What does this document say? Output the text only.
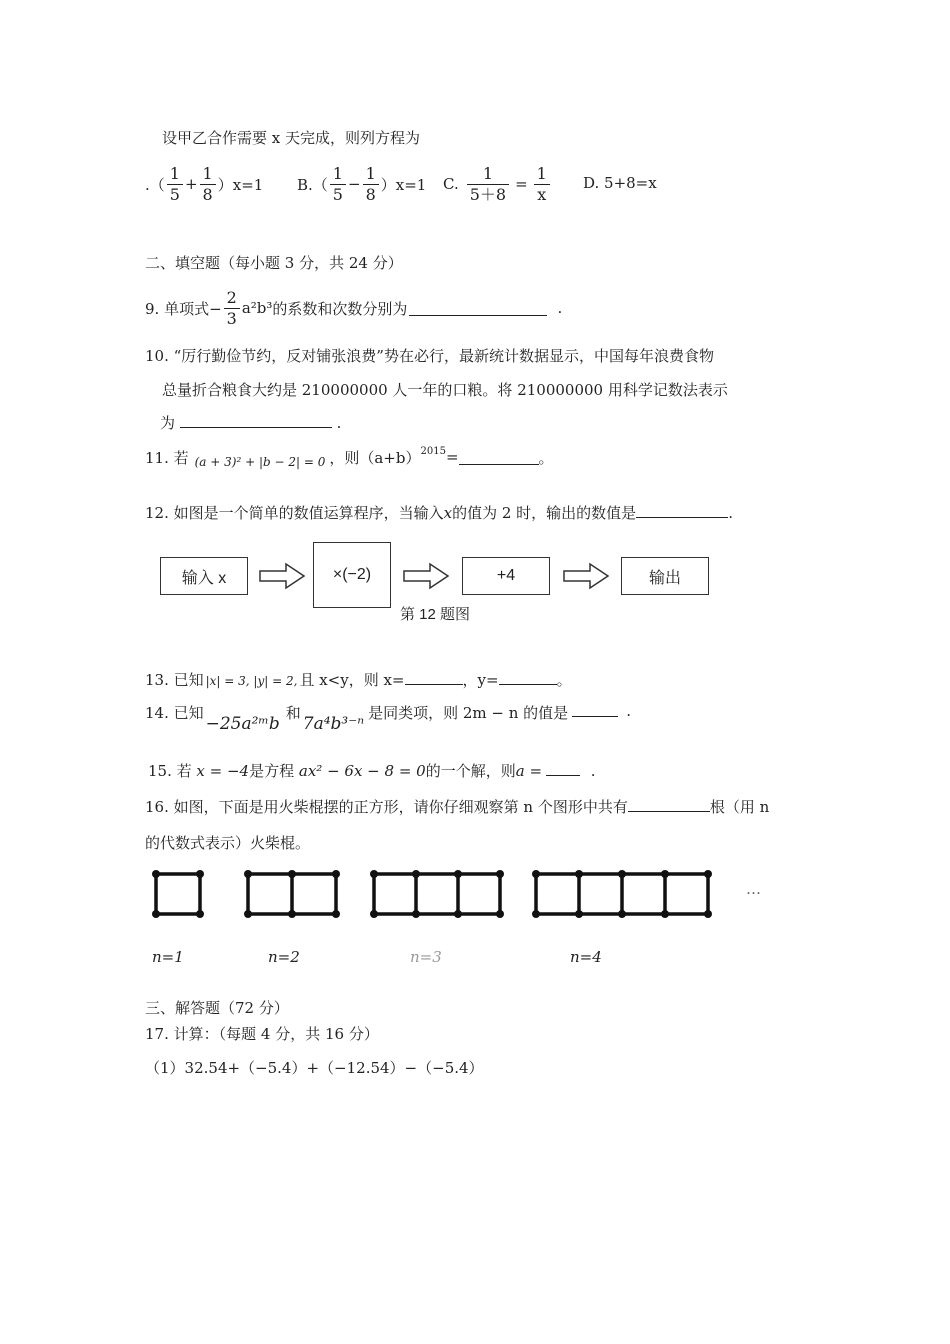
设甲乙合作需要 x 天完成，则列方程为
.（ $\frac{1}{5} + \frac{1}{8} )x=1$ $B.( \frac{1}{5} - \frac{1}{8} )x=1$ C. $\frac{1}{5+8} = \frac{1}{x} D$. 5+8=x
二、填空题（每小题 3 分，共 24 分）
9. 单项式− $\frac{2}{3} a^2b^3$ 的系数和次数分别为	.
10. “厉行勤俭节约，反对铺张浪费”势在必行，最新统计数据显示，中国每年浪费食物
总量折合粮食大约是 210000000 人一年的口粮。将 210000000 用科学记数法表示
为	.
11. 若 (a + 3)² + |b − 2| = 0 ，则（a+b） 2015 =	。
12. 如图是一个简单的数值运算程序，当输入x的值为 2 时，输出的数值是	.
输入 x	×(−2)	+4	输出
第 12 题图
13. 已知 |x| = 3, |y| = 2, 且 x<y，则 x=	，y=	。
14. 已知
−25a²ᵐb
和
7a⁴b³⁻ⁿ
是同类项，则 2m − n 的值是	.
15. 若 x = −4是方程 ax² − 6x − 8 = 0的一个解，则a =	.
16. 如图，下面是用火柴棍摆的正方形，请你仔细观察第 n 个图形中共有	根（用 n
的代数式表示）火柴棍。
…
n=1	n=2	n=3	n=4
三、解答题（72 分）
17. 计算：（每题 4 分，共 16 分）
（1）32.54+（−5.4）+（−12.54）−（−5.4）
